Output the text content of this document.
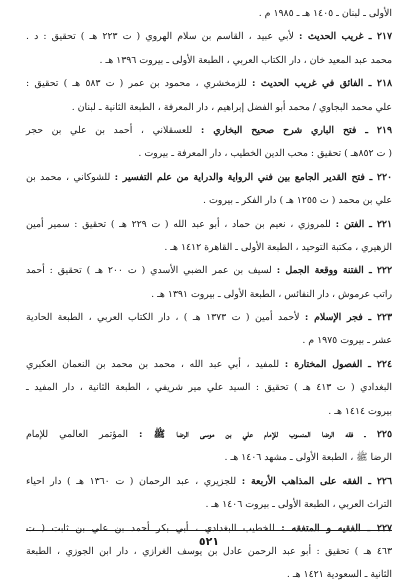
الأولى ـ لبنان ـ ١٤٠٥ هـ ـ ١٩٨٥ م .
٢١٧ ـ غريب الحديث : لأبي عبيد ، القاسم بن سلام الهروي ( ت ٢٢٣ هـ ) تحقيق : د .
محمد عبد المعيد خان ، دار الكتاب العربي ، الطبعة الأولى ـ بيروت ١٣٩٦ هـ .
٢١٨ ـ الفائق في غريب الحديث : للزمخشري ، محمود بن عمر ( ت ٥٨٣ هـ ) تحقيق :
علي محمد البجاوي / محمد أبو الفضل إبراهيم ، دار المعرفة ، الطبعة الثانية ـ لبنان .
٢١٩ ـ فتح الباري شرح صحيح البخاري : للعسقلاني ، أحمد بن علي بن حجر
( ت ٨٥٢هـ ) تحقيق : محب الدين الخطيب ، دار المعرفة ـ بيروت .
٢٢٠ ـ فتح القدير الجامع بين فني الرواية والدراية من علم التفسير : للشوكاني ، محمد بن
علي بن محمد ( ت ١٢٥٥ هـ ) دار الفكر ـ بيروت .
٢٢١ ـ الفتن : للمروزي ، نعيم بن حماد ، أبو عبد الله ( ت ٢٢٩ هـ ) تحقيق : سمير أمين
الزهيري ، مكتبة التوحيد ، الطبعة الأولى ـ القاهرة ١٤١٢ هـ .
٢٢٢ ـ الفتنة ووقعة الجمل : لسيف بن عمر الضبي الأسدي ( ت ٢٠٠ هـ ) تحقيق : أحمد
راتب عرموش ، دار النفائس ، الطبعة الأولى ـ بيروت ١٣٩١ هـ .
٢٢٣ ـ فجر الإسلام : لأحمد أمين ( ت ١٣٧٣ هـ ) ، دار الكتاب العربي ، الطبعة الحادية
عشر ـ بيروت ١٩٧٥ م .
٢٢٤ ـ الفصول المختارة : للمفيد ، أبي عبد الله ، محمد بن محمد بن النعمان العكبري
البغدادي ( ت ٤١٣ هـ ) تحقيق : السيد علي مير شريفي ، الطبعة الثانية ، دار المفيد ـ
بيروت ١٤١٤ هـ .
٢٢٥ ـ فقه الرضا المنسوب للإمام علي بن موسى الرضا ﷺ : المؤتمر العالمي للإمام
الرضا ﷺ ، الطبعة الأولى ـ مشهد ١٤٠٦ هـ .
٢٢٦ ـ الفقه على المذاهب الأربعة : للجزيري ، عبد الرحمان ( ت ١٣٦٠ هـ ) دار احياء
التراث العربي ، الطبعة الأولى ـ بيروت ١٤٠٦ هـ .
٢٢٧ ـ الفقيه و المتفقه : للخطيب البغدادي ، أبي بكر أحمد بن علي بن ثابت ( ت
٤٦٣ هـ ) تحقيق : أبو عبد الرحمن عادل بن يوسف الغرازي ، دار ابن الجوزي ، الطبعة
الثانية ـ السعودية ١٤٢١ هـ .
٥٢١
